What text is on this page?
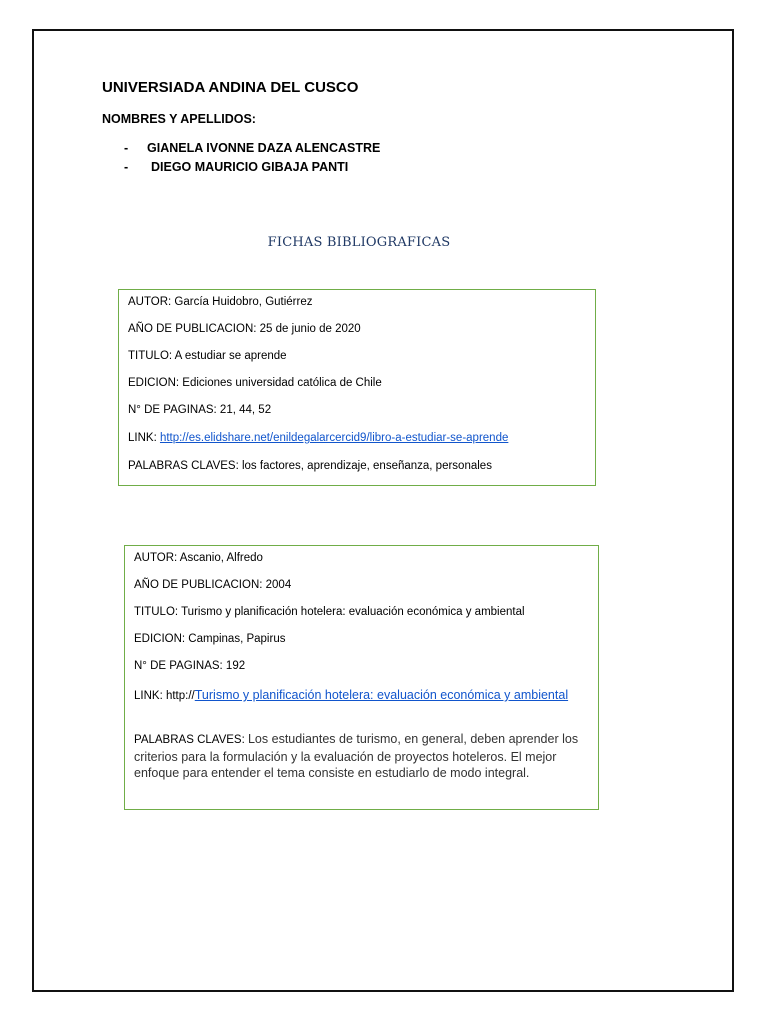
UNIVERSIADA ANDINA DEL CUSCO
NOMBRES Y APELLIDOS:
- GIANELA IVONNE DAZA ALENCASTRE
- DIEGO MAURICIO GIBAJA PANTI
FICHAS BIBLIOGRAFICAS
AUTOR: García Huidobro, Gutiérrez
AÑO DE PUBLICACION: 25 de junio de 2020
TITULO: A estudiar se aprende
EDICION: Ediciones universidad católica de Chile
N° DE PAGINAS: 21, 44, 52
LINK: http://es.elidshare.net/enildegalarcercid9/libro-a-estudiar-se-aprende
PALABRAS CLAVES: los factores, aprendizaje, enseñanza, personales
AUTOR: Ascanio, Alfredo
AÑO DE PUBLICACION: 2004
TITULO: Turismo y planificación hotelera: evaluación económica y ambiental
EDICION: Campinas, Papirus
N° DE PAGINAS: 192
LINK: http://Turismo y planificación hotelera: evaluación económica y ambiental
PALABRAS CLAVES: Los estudiantes de turismo, en general, deben aprender los criterios para la formulación y la evaluación de proyectos hoteleros. El mejor enfoque para entender el tema consiste en estudiarlo de modo integral.
